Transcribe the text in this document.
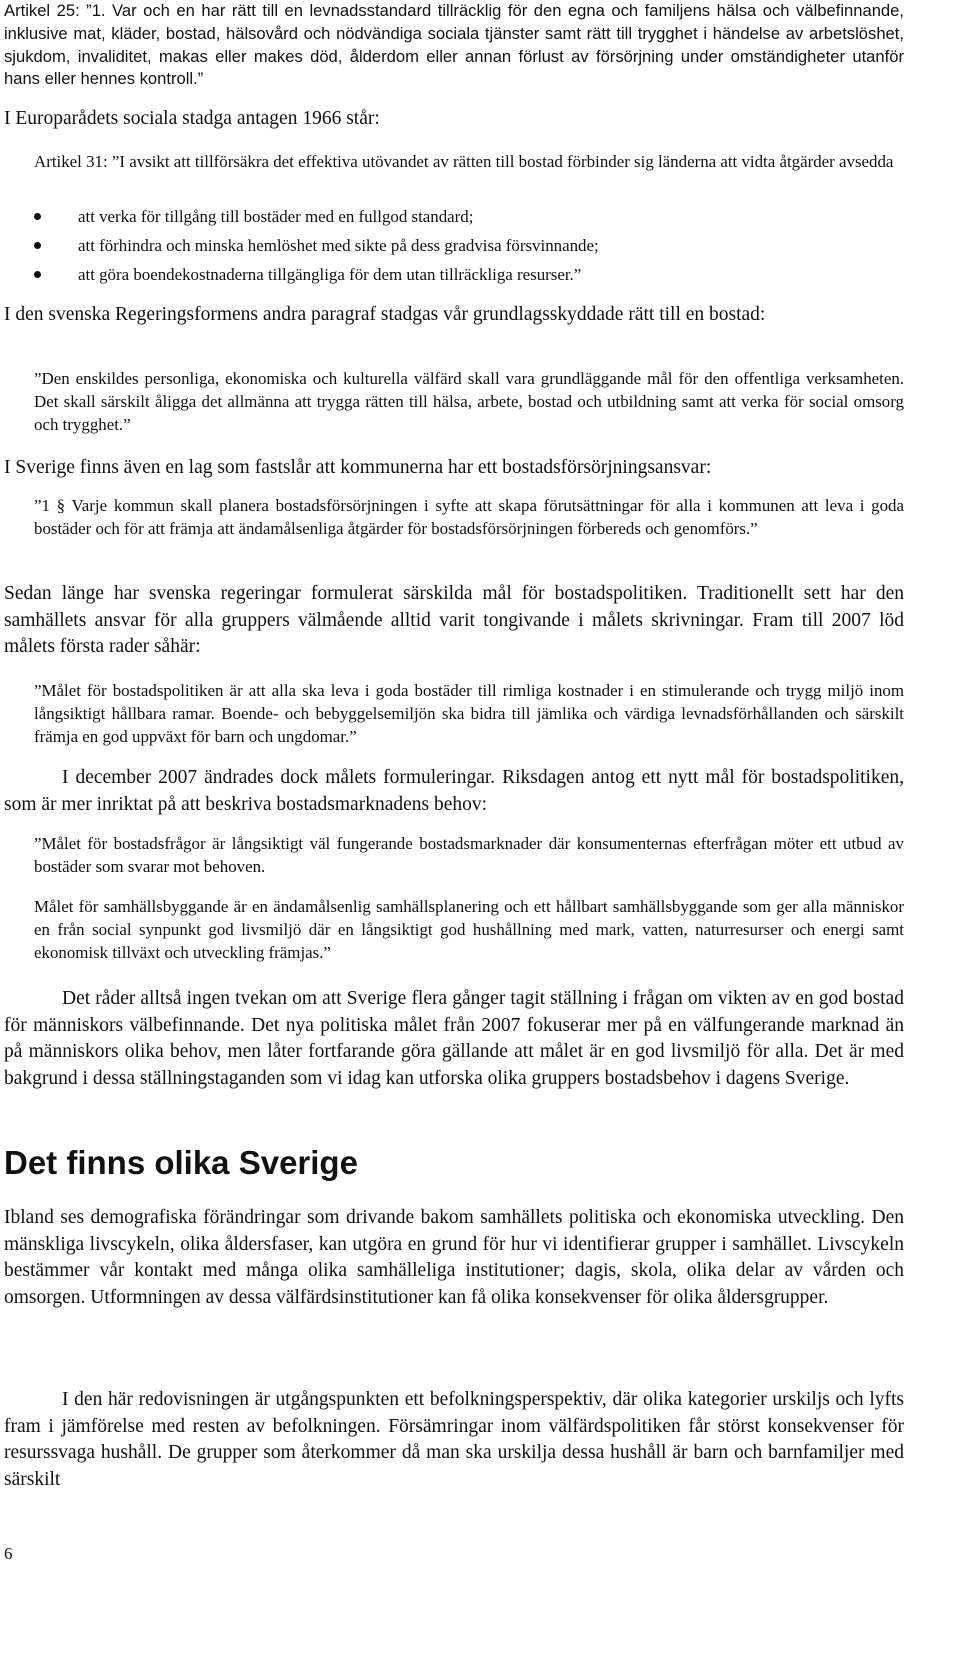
Artikel 25: ”1. Var och en har rätt till en levnadsstandard tillräcklig för den egna och familjens hälsa och välbefinnande, inklusive mat, kläder, bostad, hälsovård och nödvändiga sociala tjänster samt rätt till trygghet i händelse av arbetslöshet, sjukdom, invaliditet, makas eller makes död, ålderdom eller annan förlust av försörjning under omständigheter utanför hans eller hennes kontroll.”

I Europarådets sociala stadga antagen 1966 står:

Artikel 31: ”I avsikt att tillförsäkra det effektiva utövandet av rätten till bostad förbinder sig länderna att vidta åtgärder avsedda

att verka för tillgång till bostäder med en fullgod standard;
att förhindra och minska hemlöshet med sikte på dess gradvisa försvinnande;
att göra boendekostnaderna tillgängliga för dem utan tillräckliga resurser.”

I den svenska Regeringsformens andra paragraf stadgas vår grundlagsskyddade rätt till en bostad:

”Den enskildes personliga, ekonomiska och kulturella välfärd skall vara grundläggande mål för den offentliga verksamheten. Det skall särskilt åligga det allmänna att trygga rätten till hälsa, arbete, bostad och utbildning samt att verka för social omsorg och trygghet.”

I Sverige finns även en lag som fastslår att kommunerna har ett bostadsförsörjningsansvar:

”1 § Varje kommun skall planera bostadsförsörjningen i syfte att skapa förutsättningar för alla i kommunen att leva i goda bostäder och för att främja att ändamålsenliga åtgärder för bostadsförsörjningen förbereds och genomförs.”

Sedan länge har svenska regeringar formulerat särskilda mål för bostadspolitiken. Traditionellt sett har den samhällets ansvar för alla gruppers välmående alltid varit tongivande i målets skrivningar. Fram till 2007 löd målets första rader såhär:

”Målet för bostadspolitiken är att alla ska leva i goda bostäder till rimliga kostnader i en stimulerande och trygg miljö inom långsiktigt hållbara ramar. Boende- och bebyggelsemiljön ska bidra till jämlika och värdiga levnadsförhållanden och särskilt främja en god uppväxt för barn och ungdomar.”

I december 2007 ändrades dock målets formuleringar. Riksdagen antog ett nytt mål för bostadspolitiken, som är mer inriktat på att beskriva bostadsmarknadens behov:

”Målet för bostadsfrågor är långsiktigt väl fungerande bostadsmarknader där konsumenternas efterfrågan möter ett utbud av bostäder som svarar mot behoven.

Målet för samhällsbyggande är en ändamålsenlig samhällsplanering och ett hållbart samhällsbyggande som ger alla människor en från social synpunkt god livsmiljö där en långsiktigt god hushållning med mark, vatten, naturresurser och energi samt ekonomisk tillväxt och utveckling främjas.”

Det råder alltså ingen tvekan om att Sverige flera gånger tagit ställning i frågan om vikten av en god bostad för människors välbefinnande. Det nya politiska målet från 2007 fokuserar mer på en välfungerande marknad än på människors olika behov, men låter fortfarande göra gällande att målet är en god livsmiljö för alla. Det är med bakgrund i dessa ställningstaganden som vi idag kan utforska olika gruppers bostadsbehov i dagens Sverige.

Det finns olika Sverige

Ibland ses demografiska förändringar som drivande bakom samhällets politiska och ekonomiska utveckling. Den mänskliga livscykeln, olika åldersfaser, kan utgöra en grund för hur vi identifierar grupper i samhället. Livscykeln bestämmer vår kontakt med många olika samhälleliga institutioner; dagis, skola, olika delar av vården och omsorgen. Utformningen av dessa välfärdsinstitutioner kan få olika konsekvenser för olika åldersgrupper.

I den här redovisningen är utgångspunkten ett befolkningsperspektiv, där olika kategorier urskiljs och lyfts fram i jämförelse med resten av befolkningen. Försämringar inom välfärdspolitiken får störst konsekvenser för resurssvaga hushåll. De grupper som återkommer då man ska urskilja dessa hushåll är barn och barnfamiljer med särskilt

6
